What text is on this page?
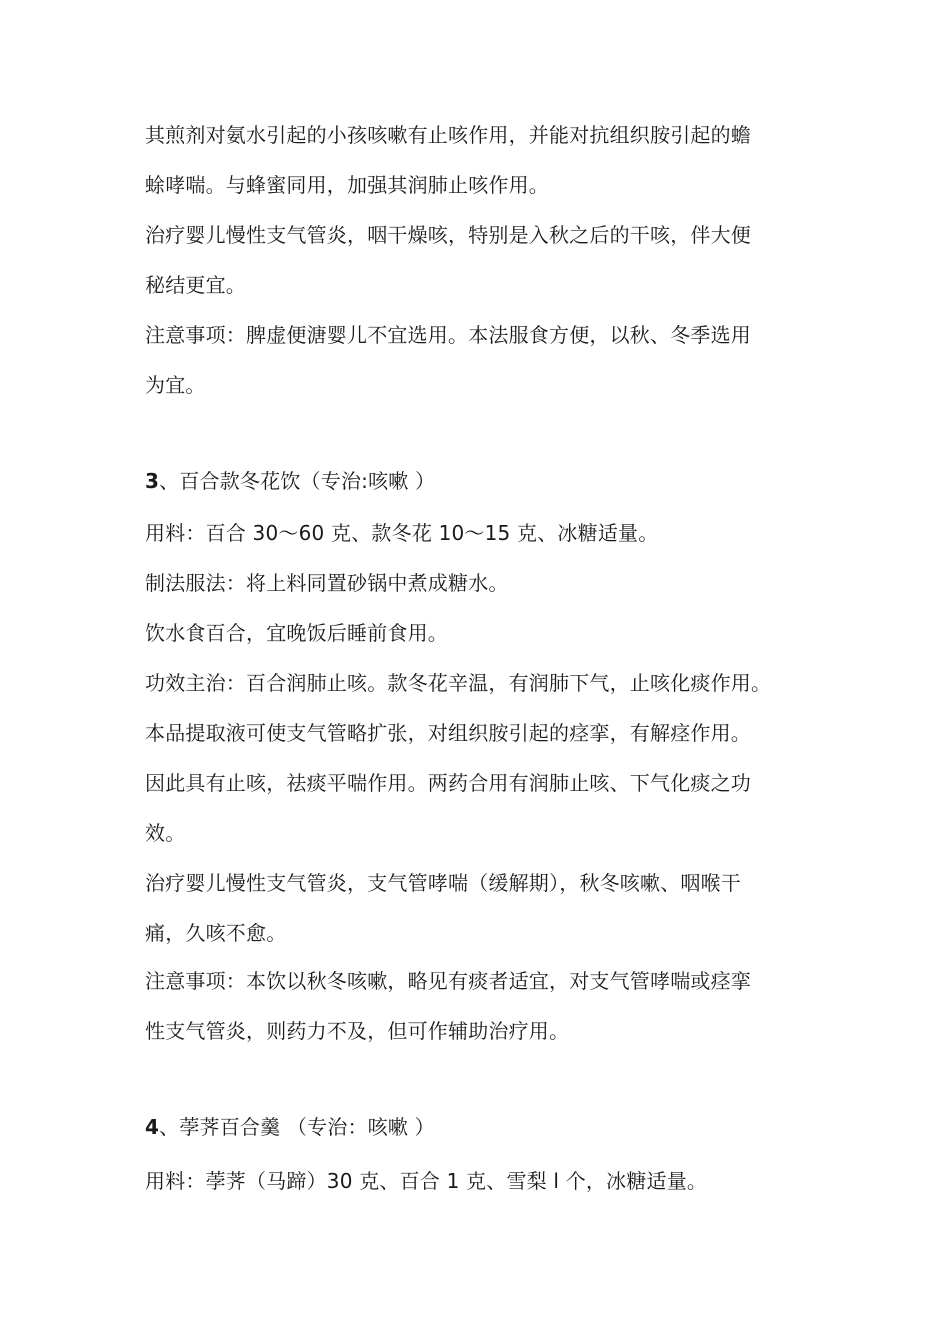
其煎剂对氨水引起的小孩咳嗽有止咳作用，并能对抗组织胺引起的蟾
蜍哮喘。与蜂蜜同用，加强其润肺止咳作用。
治疗婴儿慢性支气管炎，咽干燥咳，特别是入秋之后的干咳，伴大便
秘结更宜。
注意事项：脾虚便溏婴儿不宜选用。本法服食方便，以秋、冬季选用
为宜。
3、百合款冬花饮（专治:咳嗽 ）
用料：百合 30～60 克、款冬花 10～15 克、冰糖适量。
制法服法：将上料同置砂锅中煮成糖水。
饮水食百合，宜晚饭后睡前食用。
功效主治：百合润肺止咳。款冬花辛温，有润肺下气，止咳化痰作用。
本品提取液可使支气管略扩张，对组织胺引起的痉挛，有解痉作用。
因此具有止咳，祛痰平喘作用。两药合用有润肺止咳、下气化痰之功
效。
治疗婴儿慢性支气管炎，支气管哮喘（缓解期），秋冬咳嗽、咽喉干
痛，久咳不愈。
注意事项：本饮以秋冬咳嗽，略见有痰者适宜，对支气管哮喘或痉挛
性支气管炎，则药力不及，但可作辅助治疗用。
4、荸荠百合羹 （专治：咳嗽 ）
用料：荸荠（马蹄）30 克、百合 1 克、雪梨 l 个，冰糖适量。
